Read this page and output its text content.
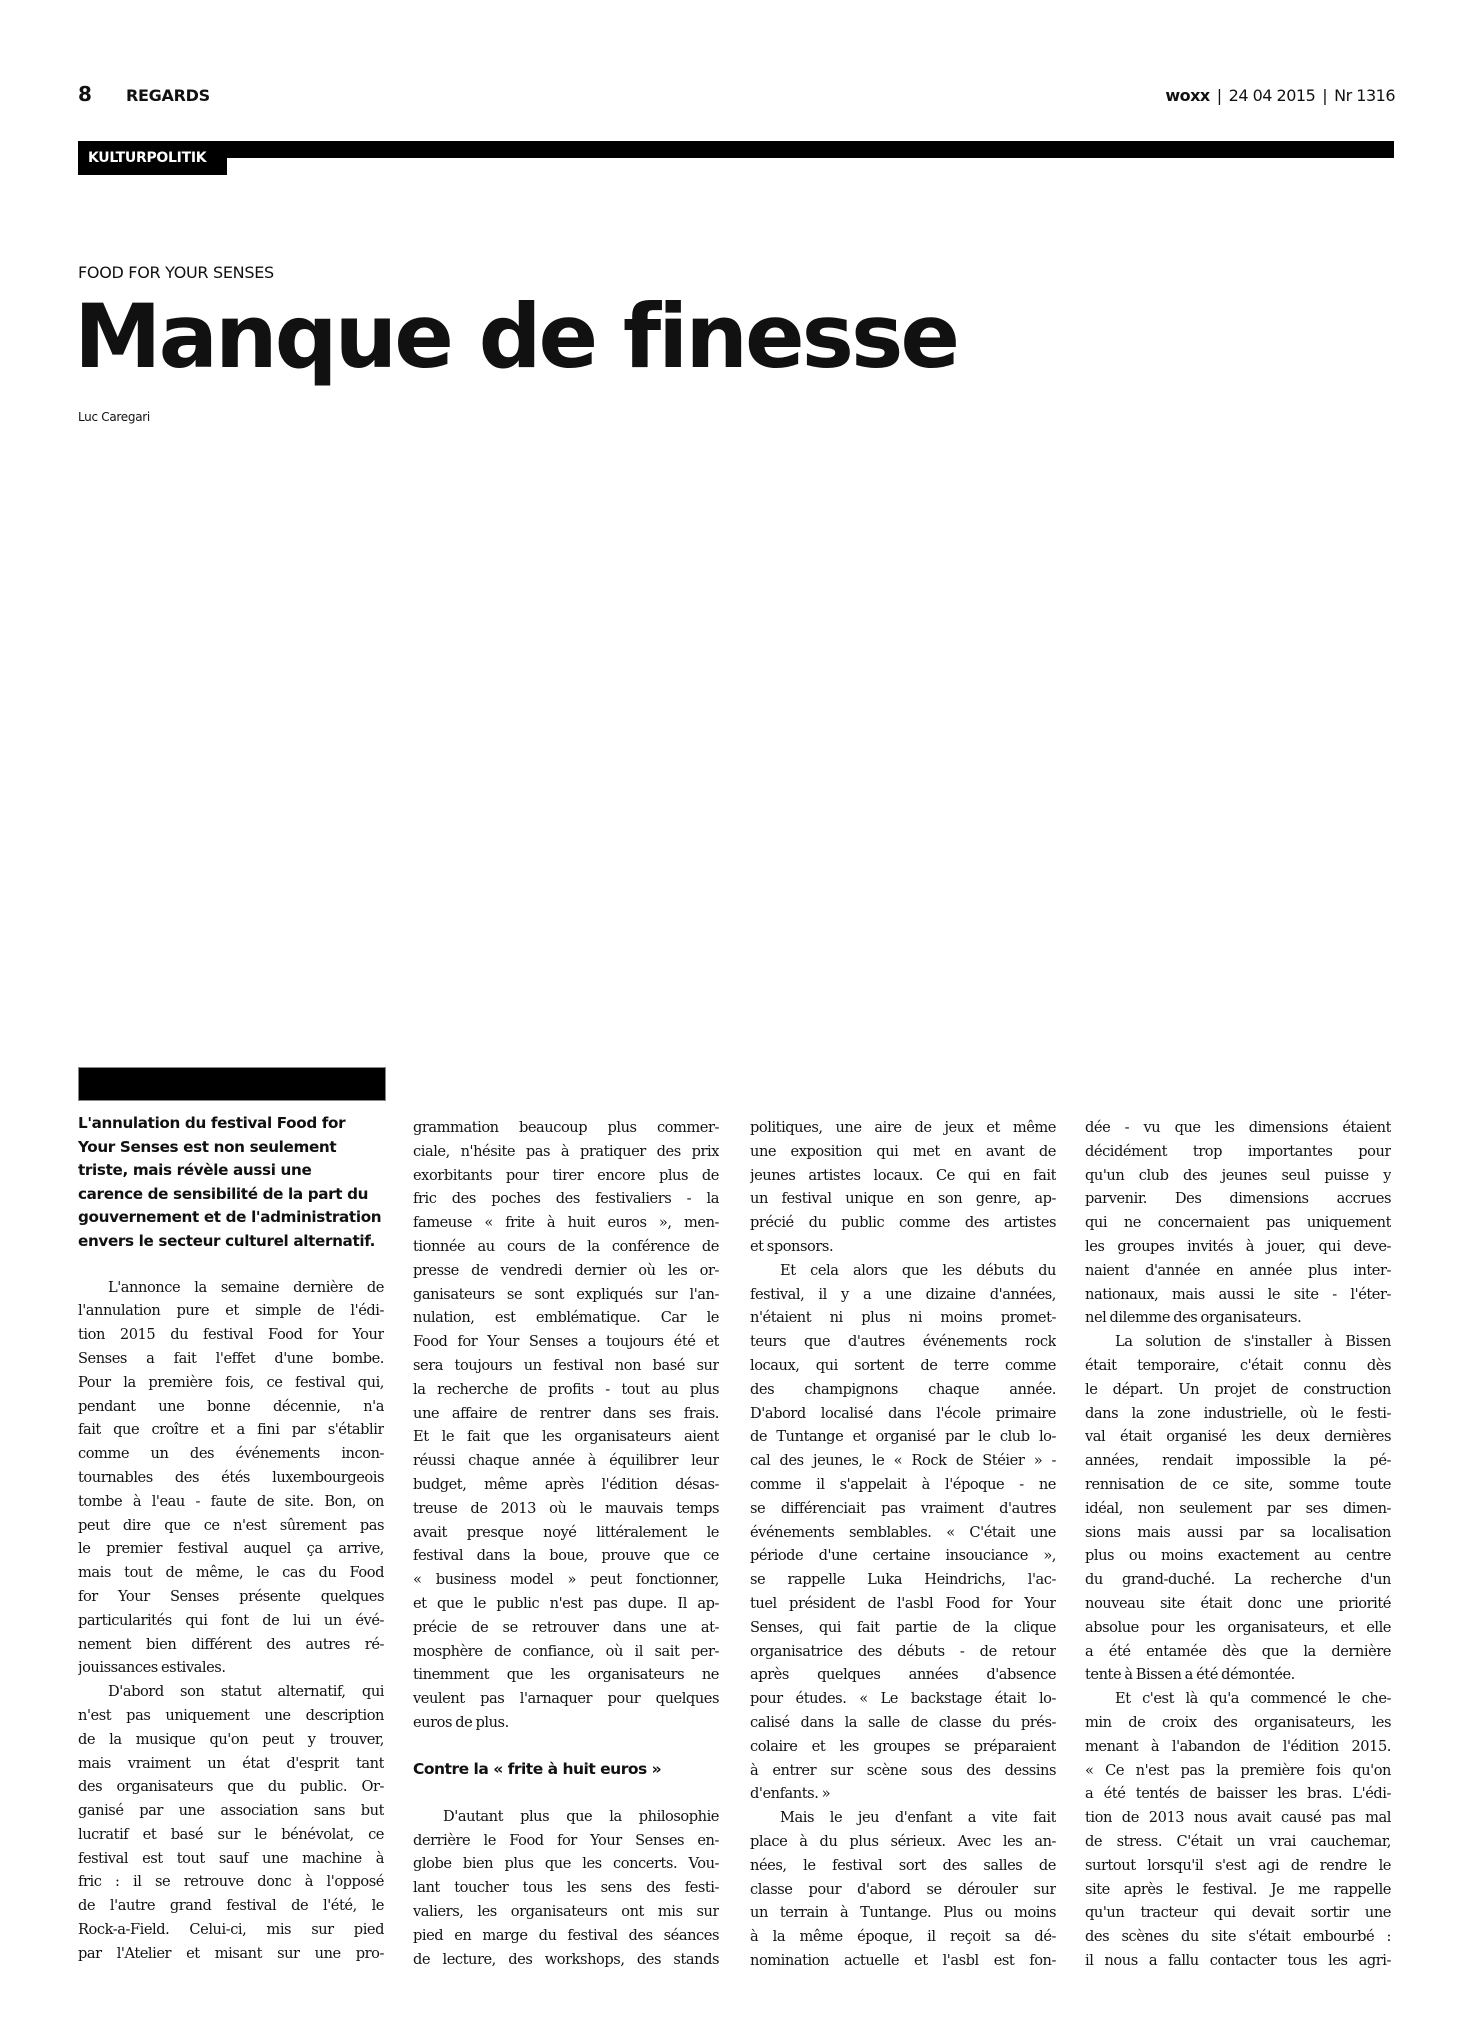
8 REGARDS	woxx | 24 04 2015 | Nr 1316
KULTURPOLITIK
FOOD FOR YOUR SENSES
Manque de finesse
Luc Caregari
L'annulation du festival Food for
Your Senses est non seulement
triste, mais révèle aussi une
carence de sensibilité de la part du
gouvernement et de l'administration
envers le secteur culturel alternatif.
L'annonce la semaine dernière de
l'annulation pure et simple de l'édi-
tion 2015 du festival Food for Your
Senses a fait l'effet d'une bombe.
Pour la première fois, ce festival qui,
pendant une bonne décennie, n'a
fait que croître et a fini par s'établir
comme un des événements incon-
tournables des étés luxembourgeois
tombe à l'eau - faute de site. Bon, on
peut dire que ce n'est sûrement pas
le premier festival auquel ça arrive,
mais tout de même, le cas du Food
for Your Senses présente quelques
particularités qui font de lui un évé-
nement bien différent des autres ré-
jouissances estivales.
D'abord son statut alternatif, qui
n'est pas uniquement une description
de la musique qu'on peut y trouver,
mais vraiment un état d'esprit tant
des organisateurs que du public. Or-
ganisé par une association sans but
lucratif et basé sur le bénévolat, ce
festival est tout sauf une machine à
fric : il se retrouve donc à l'opposé
de l'autre grand festival de l'été, le
Rock-a-Field. Celui-ci, mis sur pied
par l'Atelier et misant sur une pro-
grammation beaucoup plus commer-
ciale, n'hésite pas à pratiquer des prix
exorbitants pour tirer encore plus de
fric des poches des festivaliers - la
fameuse « frite à huit euros », men-
tionnée au cours de la conférence de
presse de vendredi dernier où les or-
ganisateurs se sont expliqués sur l'an-
nulation, est emblématique. Car le
Food for Your Senses a toujours été et
sera toujours un festival non basé sur
la recherche de profits - tout au plus
une affaire de rentrer dans ses frais.
Et le fait que les organisateurs aient
réussi chaque année à équilibrer leur
budget, même après l'édition désas-
treuse de 2013 où le mauvais temps
avait presque noyé littéralement le
festival dans la boue, prouve que ce
« business model » peut fonctionner,
et que le public n'est pas dupe. Il ap-
précie de se retrouver dans une at-
mosphère de confiance, où il sait per-
tinemment que les organisateurs ne
veulent pas l'arnaquer pour quelques
euros de plus.
Contre la « frite à huit euros »
D'autant plus que la philosophie
derrière le Food for Your Senses en-
globe bien plus que les concerts. Vou-
lant toucher tous les sens des festi-
valiers, les organisateurs ont mis sur
pied en marge du festival des séances
de lecture, des workshops, des stands
politiques, une aire de jeux et même
une exposition qui met en avant de
jeunes artistes locaux. Ce qui en fait
un festival unique en son genre, ap-
précié du public comme des artistes
et sponsors.
Et cela alors que les débuts du
festival, il y a une dizaine d'années,
n'étaient ni plus ni moins promet-
teurs que d'autres événements rock
locaux, qui sortent de terre comme
des champignons chaque année.
D'abord localisé dans l'école primaire
de Tuntange et organisé par le club lo-
cal des jeunes, le « Rock de Stéier » -
comme il s'appelait à l'époque - ne
se différenciait pas vraiment d'autres
événements semblables. « C'était une
période d'une certaine insouciance »,
se rappelle Luka Heindrichs, l'ac-
tuel président de l'asbl Food for Your
Senses, qui fait partie de la clique
organisatrice des débuts - de retour
après quelques années d'absence
pour études. « Le backstage était lo-
calisé dans la salle de classe du prés-
colaire et les groupes se préparaient
à entrer sur scène sous des dessins
d'enfants. »
Mais le jeu d'enfant a vite fait
place à du plus sérieux. Avec les an-
nées, le festival sort des salles de
classe pour d'abord se dérouler sur
un terrain à Tuntange. Plus ou moins
à la même époque, il reçoit sa dé-
nomination actuelle et l'asbl est fon-
dée - vu que les dimensions étaient
décidément trop importantes pour
qu'un club des jeunes seul puisse y
parvenir. Des dimensions accrues
qui ne concernaient pas uniquement
les groupes invités à jouer, qui deve-
naient d'année en année plus inter-
nationaux, mais aussi le site - l'éter-
nel dilemme des organisateurs.
La solution de s'installer à Bissen
était temporaire, c'était connu dès
le départ. Un projet de construction
dans la zone industrielle, où le festi-
val était organisé les deux dernières
années, rendait impossible la pé-
rennisation de ce site, somme toute
idéal, non seulement par ses dimen-
sions mais aussi par sa localisation
plus ou moins exactement au centre
du grand-duché. La recherche d'un
nouveau site était donc une priorité
absolue pour les organisateurs, et elle
a été entamée dès que la dernière
tente à Bissen a été démontée.
Et c'est là qu'a commencé le che-
min de croix des organisateurs, les
menant à l'abandon de l'édition 2015.
« Ce n'est pas la première fois qu'on
a été tentés de baisser les bras. L'édi-
tion de 2013 nous avait causé pas mal
de stress. C'était un vrai cauchemar,
surtout lorsqu'il s'est agi de rendre le
site après le festival. Je me rappelle
qu'un tracteur qui devait sortir une
des scènes du site s'était embourbé :
il nous a fallu contacter tous les agri-
